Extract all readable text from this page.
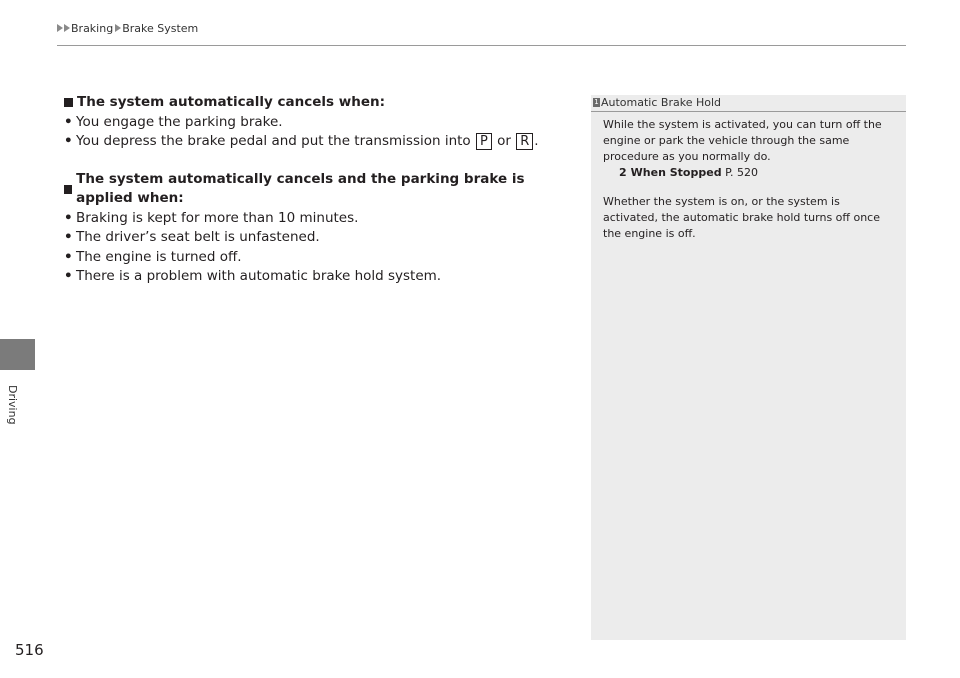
Braking Brake System
Driving
The system automatically cancels when:
• You engage the parking brake.
• You depress the brake pedal and put the transmission into P or R .
The system automatically cancels and the parking brake is applied when:
• Braking is kept for more than 10 minutes.
• The driver’s seat belt is unfastened.
• The engine is turned off.
• There is a problem with automatic brake hold system.
1 Automatic Brake Hold

While the system is activated, you can turn off the engine or park the vehicle through the same procedure as you normally do.

2 When Stopped P. 520

Whether the system is on, or the system is activated, the automatic brake hold turns off once the engine is off.

516
